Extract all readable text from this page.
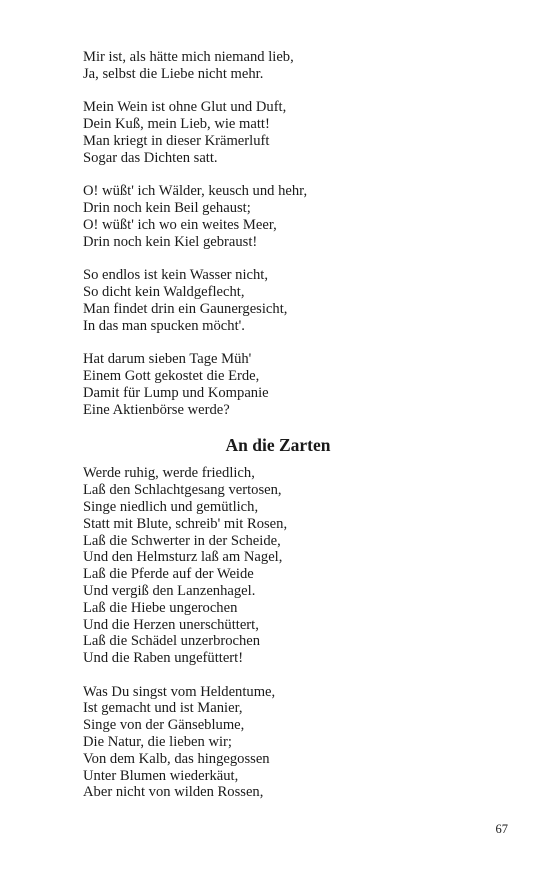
Mir ist, als hätte mich niemand lieb,
Ja, selbst die Liebe nicht mehr.
Mein Wein ist ohne Glut und Duft,
Dein Kuß, mein Lieb, wie matt!
Man kriegt in dieser Krämerluft
Sogar das Dichten satt.
O! wüßt' ich Wälder, keusch und hehr,
Drin noch kein Beil gehaust;
O! wüßt' ich wo ein weites Meer,
Drin noch kein Kiel gebraust!
So endlos ist kein Wasser nicht,
So dicht kein Waldgeflecht,
Man findet drin ein Gaunergesicht,
In das man spucken möcht'.
Hat darum sieben Tage Müh'
Einem Gott gekostet die Erde,
Damit für Lump und Kompanie
Eine Aktienbörse werde?
An die Zarten
Werde ruhig, werde friedlich,
Laß den Schlachtgesang vertosen,
Singe niedlich und gemütlich,
Statt mit Blute, schreib' mit Rosen,
Laß die Schwerter in der Scheide,
Und den Helmsturz laß am Nagel,
Laß die Pferde auf der Weide
Und vergiß den Lanzenhagel.
Laß die Hiebe ungerochen
Und die Herzen unerschüttert,
Laß die Schädel unzerbrochen
Und die Raben ungefüttert!
Was Du singst vom Heldentume,
Ist gemacht und ist Manier,
Singe von der Gänseblume,
Die Natur, die lieben wir;
Von dem Kalb, das hingegossen
Unter Blumen wiederkäut,
Aber nicht von wilden Rossen,
67
